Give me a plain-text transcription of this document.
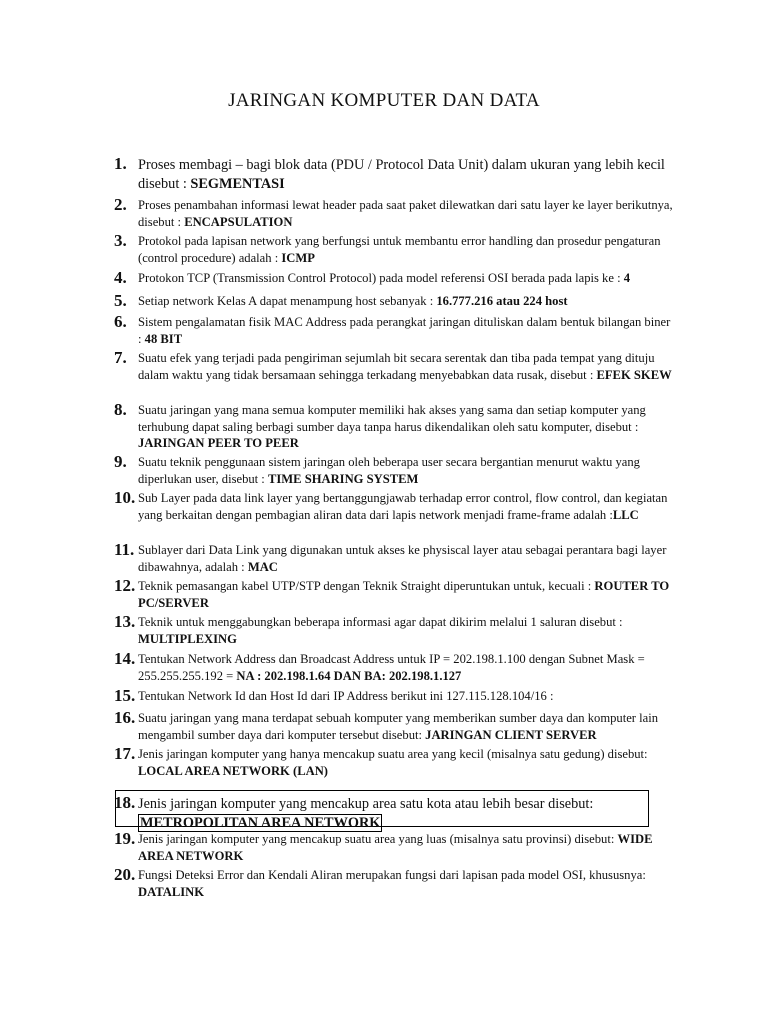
JARINGAN KOMPUTER DAN DATA
1. Proses membagi – bagi blok data (PDU / Protocol Data Unit) dalam ukuran yang lebih kecil disebut : SEGMENTASI
2. Proses penambahan informasi lewat header pada saat paket dilewatkan dari satu layer ke layer berikutnya, disebut : ENCAPSULATION
3. Protokol pada lapisan network yang berfungsi untuk membantu error handling dan prosedur pengaturan (control procedure) adalah : ICMP
4. Protokon TCP (Transmission Control Protocol) pada model referensi OSI berada pada lapis ke : 4
5. Setiap network Kelas A dapat menampung host sebanyak : 16.777.216 atau 224 host
6. Sistem pengalamatan fisik MAC Address pada perangkat jaringan dituliskan dalam bentuk bilangan biner : 48 BIT
7. Suatu efek yang terjadi pada pengiriman sejumlah bit secara serentak dan tiba pada tempat yang dituju dalam waktu yang tidak bersamaan sehingga terkadang menyebabkan data rusak, disebut : EFEK SKEW
8. Suatu jaringan yang mana semua komputer memiliki hak akses yang sama dan setiap komputer yang terhubung dapat saling berbagi sumber daya tanpa harus dikendalikan oleh satu komputer, disebut : JARINGAN PEER TO PEER
9. Suatu teknik penggunaan sistem jaringan oleh beberapa user secara bergantian menurut waktu yang diperlukan user, disebut : TIME SHARING SYSTEM
10. Sub Layer pada data link layer yang bertanggungjawab terhadap error control, flow control, dan kegiatan yang berkaitan dengan pembagian aliran data dari lapis network menjadi frame-frame adalah :LLC
11. Sublayer dari Data Link yang digunakan untuk akses ke physiscal layer atau sebagai perantara bagi layer dibawahnya, adalah : MAC
12. Teknik pemasangan kabel UTP/STP dengan Teknik Straight diperuntukan untuk, kecuali : ROUTER TO PC/SERVER
13. Teknik untuk menggabungkan beberapa informasi agar dapat dikirim melalui 1 saluran disebut : MULTIPLEXING
14. Tentukan Network Address dan Broadcast Address untuk IP = 202.198.1.100 dengan Subnet Mask = 255.255.255.192 = NA : 202.198.1.64 DAN BA: 202.198.1.127
15. Tentukan Network Id dan Host Id dari IP Address berikut ini 127.115.128.104/16 :
16. Suatu jaringan yang mana terdapat sebuah komputer yang memberikan sumber daya dan komputer lain mengambil sumber daya dari komputer tersebut disebut: JARINGAN CLIENT SERVER
17. Jenis jaringan komputer yang hanya mencakup suatu area yang kecil (misalnya satu gedung) disebut: LOCAL AREA NETWORK (LAN)
18. Jenis jaringan komputer yang mencakup area satu kota atau lebih besar disebut: METROPOLITAN AREA NETWORK
19. Jenis jaringan komputer yang mencakup suatu area yang luas (misalnya satu provinsi) disebut: WIDE AREA NETWORK
20. Fungsi Deteksi Error dan Kendali Aliran merupakan fungsi dari lapisan pada model OSI, khususnya: DATALINK
